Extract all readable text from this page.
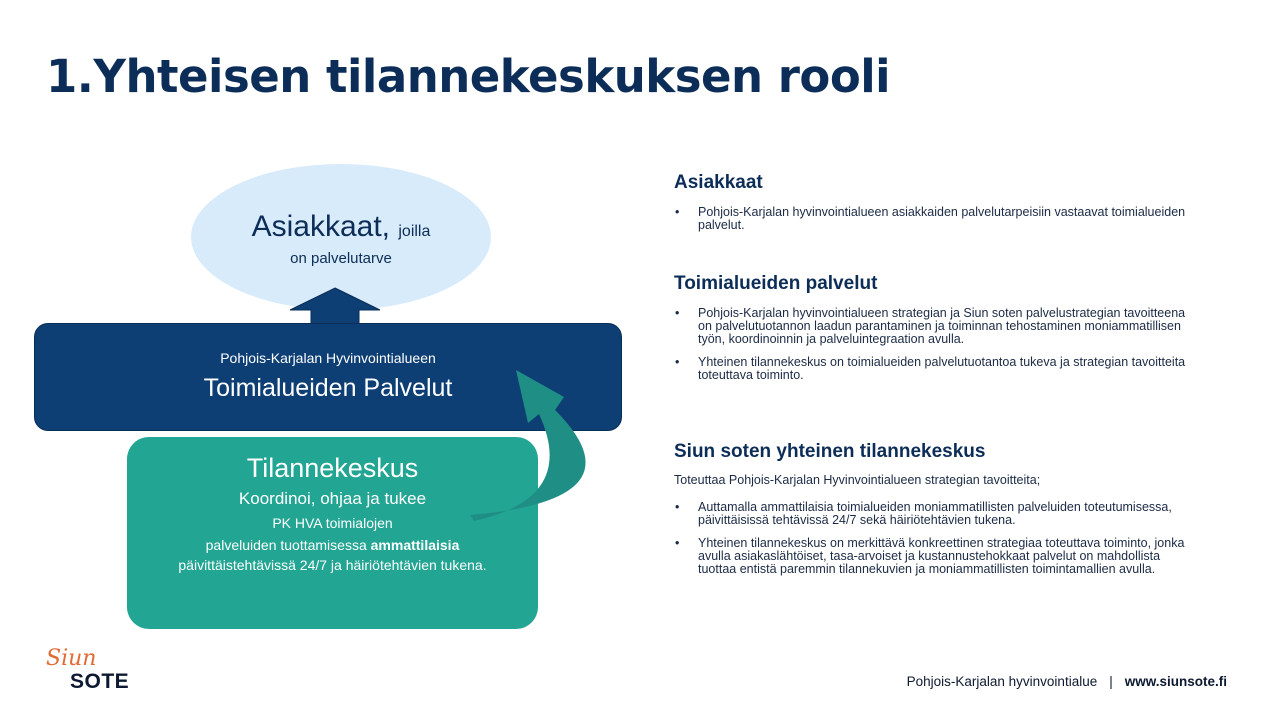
1.Yhteisen tilannekeskuksen rooli
Asiakkaat, joilla
on palvelutarve
Pohjois-Karjalan Hyvinvointialueen
Toimialueiden Palvelut
Tilannekeskus
Koordinoi, ohjaa ja tukee
PK HVA toimialojen
palveluiden tuottamisessa ammattilaisia
päivittäistehtävissä 24/7 ja häiriötehtävien tukena.
Asiakkaat
• Pohjois-Karjalan hyvinvointialueen asiakkaiden palvelutarpeisiin vastaavat toimialueiden palvelut.
Toimialueiden palvelut
• Pohjois-Karjalan hyvinvointialueen strategian ja Siun soten palvelustrategian tavoitteena on palvelutuotannon laadun parantaminen ja toiminnan tehostaminen moniammatillisen työn, koordinoinnin ja palveluintegraation avulla.
• Yhteinen tilannekeskus on toimialueiden palvelutuotantoa tukeva ja strategian tavoitteita toteuttava toiminto.
Siun soten yhteinen tilannekeskus

Toteuttaa Pohjois-Karjalan Hyvinvointialueen strategian tavoitteita;

• Auttamalla ammattilaisia toimialueiden moniammatillisten palveluiden toteutumisessa, päivittäisissä tehtävissä 24/7 sekä häiriötehtävien tukena.
• Yhteinen tilannekeskus on merkittävä konkreettinen strategiaa toteuttava toiminto, jonka avulla asiakaslähtöiset, tasa-arvoiset ja kustannustehokkaat palvelut on mahdollista tuottaa entistä paremmin tilannekuvien ja moniammatillisten toimintamallien avulla.
Siun
SOTE	Pohjois-Karjalan hyvinvointialue | www.siunsote.fi
